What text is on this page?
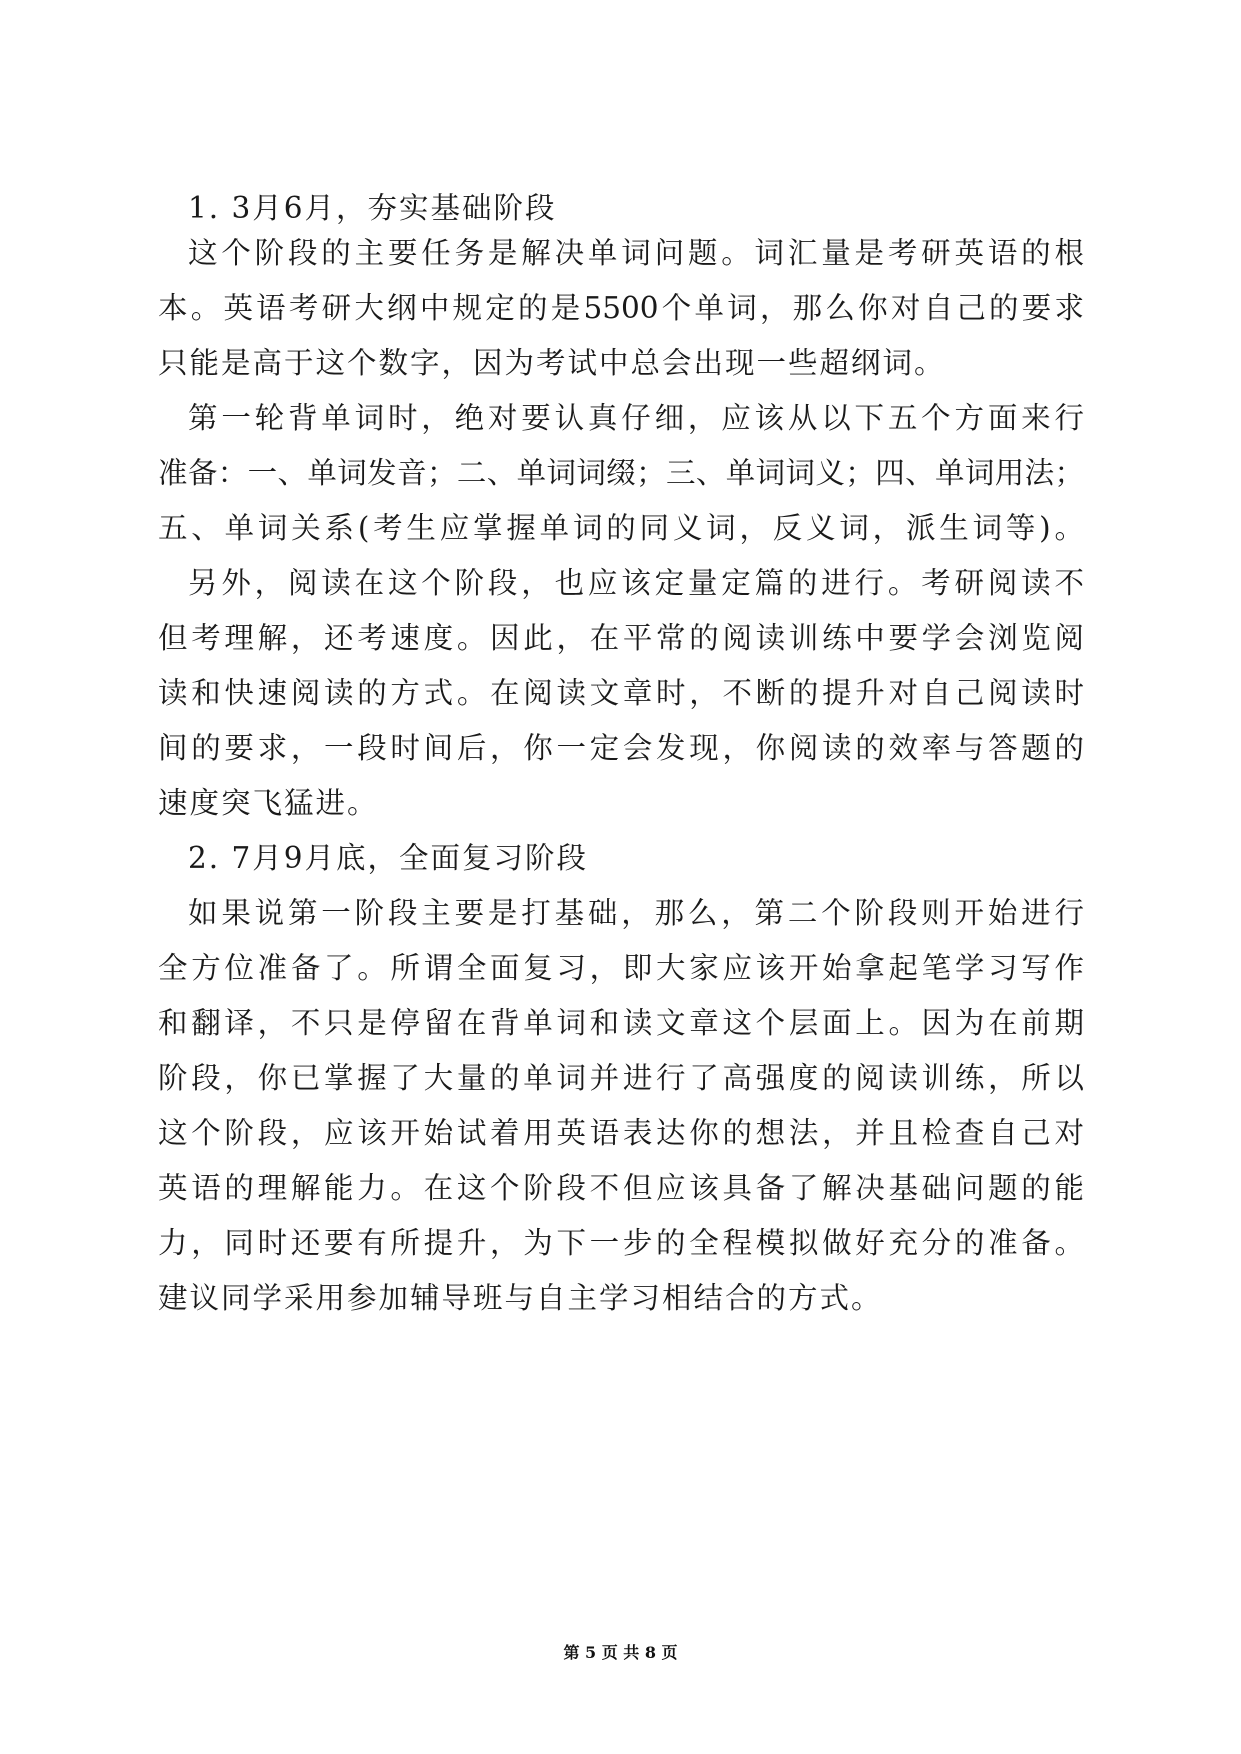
1. 3月6月，夯实基础阶段
这个阶段的主要任务是解决单词问题。词汇量是考研英语的根
本。英语考研大纲中规定的是5500个单词，那么你对自己的要求
只能是高于这个数字，因为考试中总会出现一些超纲词。
第一轮背单词时，绝对要认真仔细，应该从以下五个方面来行
准备：一、单词发音；二、单词词缀；三、单词词义；四、单词用法；
五、单词关系(考生应掌握单词的同义词，反义词，派生词等)。
另外，阅读在这个阶段，也应该定量定篇的进行。考研阅读不
但考理解，还考速度。因此，在平常的阅读训练中要学会浏览阅
读和快速阅读的方式。在阅读文章时，不断的提升对自己阅读时
间的要求，一段时间后，你一定会发现，你阅读的效率与答题的
速度突飞猛进。
2. 7月9月底，全面复习阶段
如果说第一阶段主要是打基础，那么，第二个阶段则开始进行
全方位准备了。所谓全面复习，即大家应该开始拿起笔学习写作
和翻译，不只是停留在背单词和读文章这个层面上。因为在前期
阶段，你已掌握了大量的单词并进行了高强度的阅读训练，所以
这个阶段，应该开始试着用英语表达你的想法，并且检查自己对
英语的理解能力。在这个阶段不但应该具备了解决基础问题的能
力，同时还要有所提升，为下一步的全程模拟做好充分的准备。
建议同学采用参加辅导班与自主学习相结合的方式。
第 5 页 共 8 页
